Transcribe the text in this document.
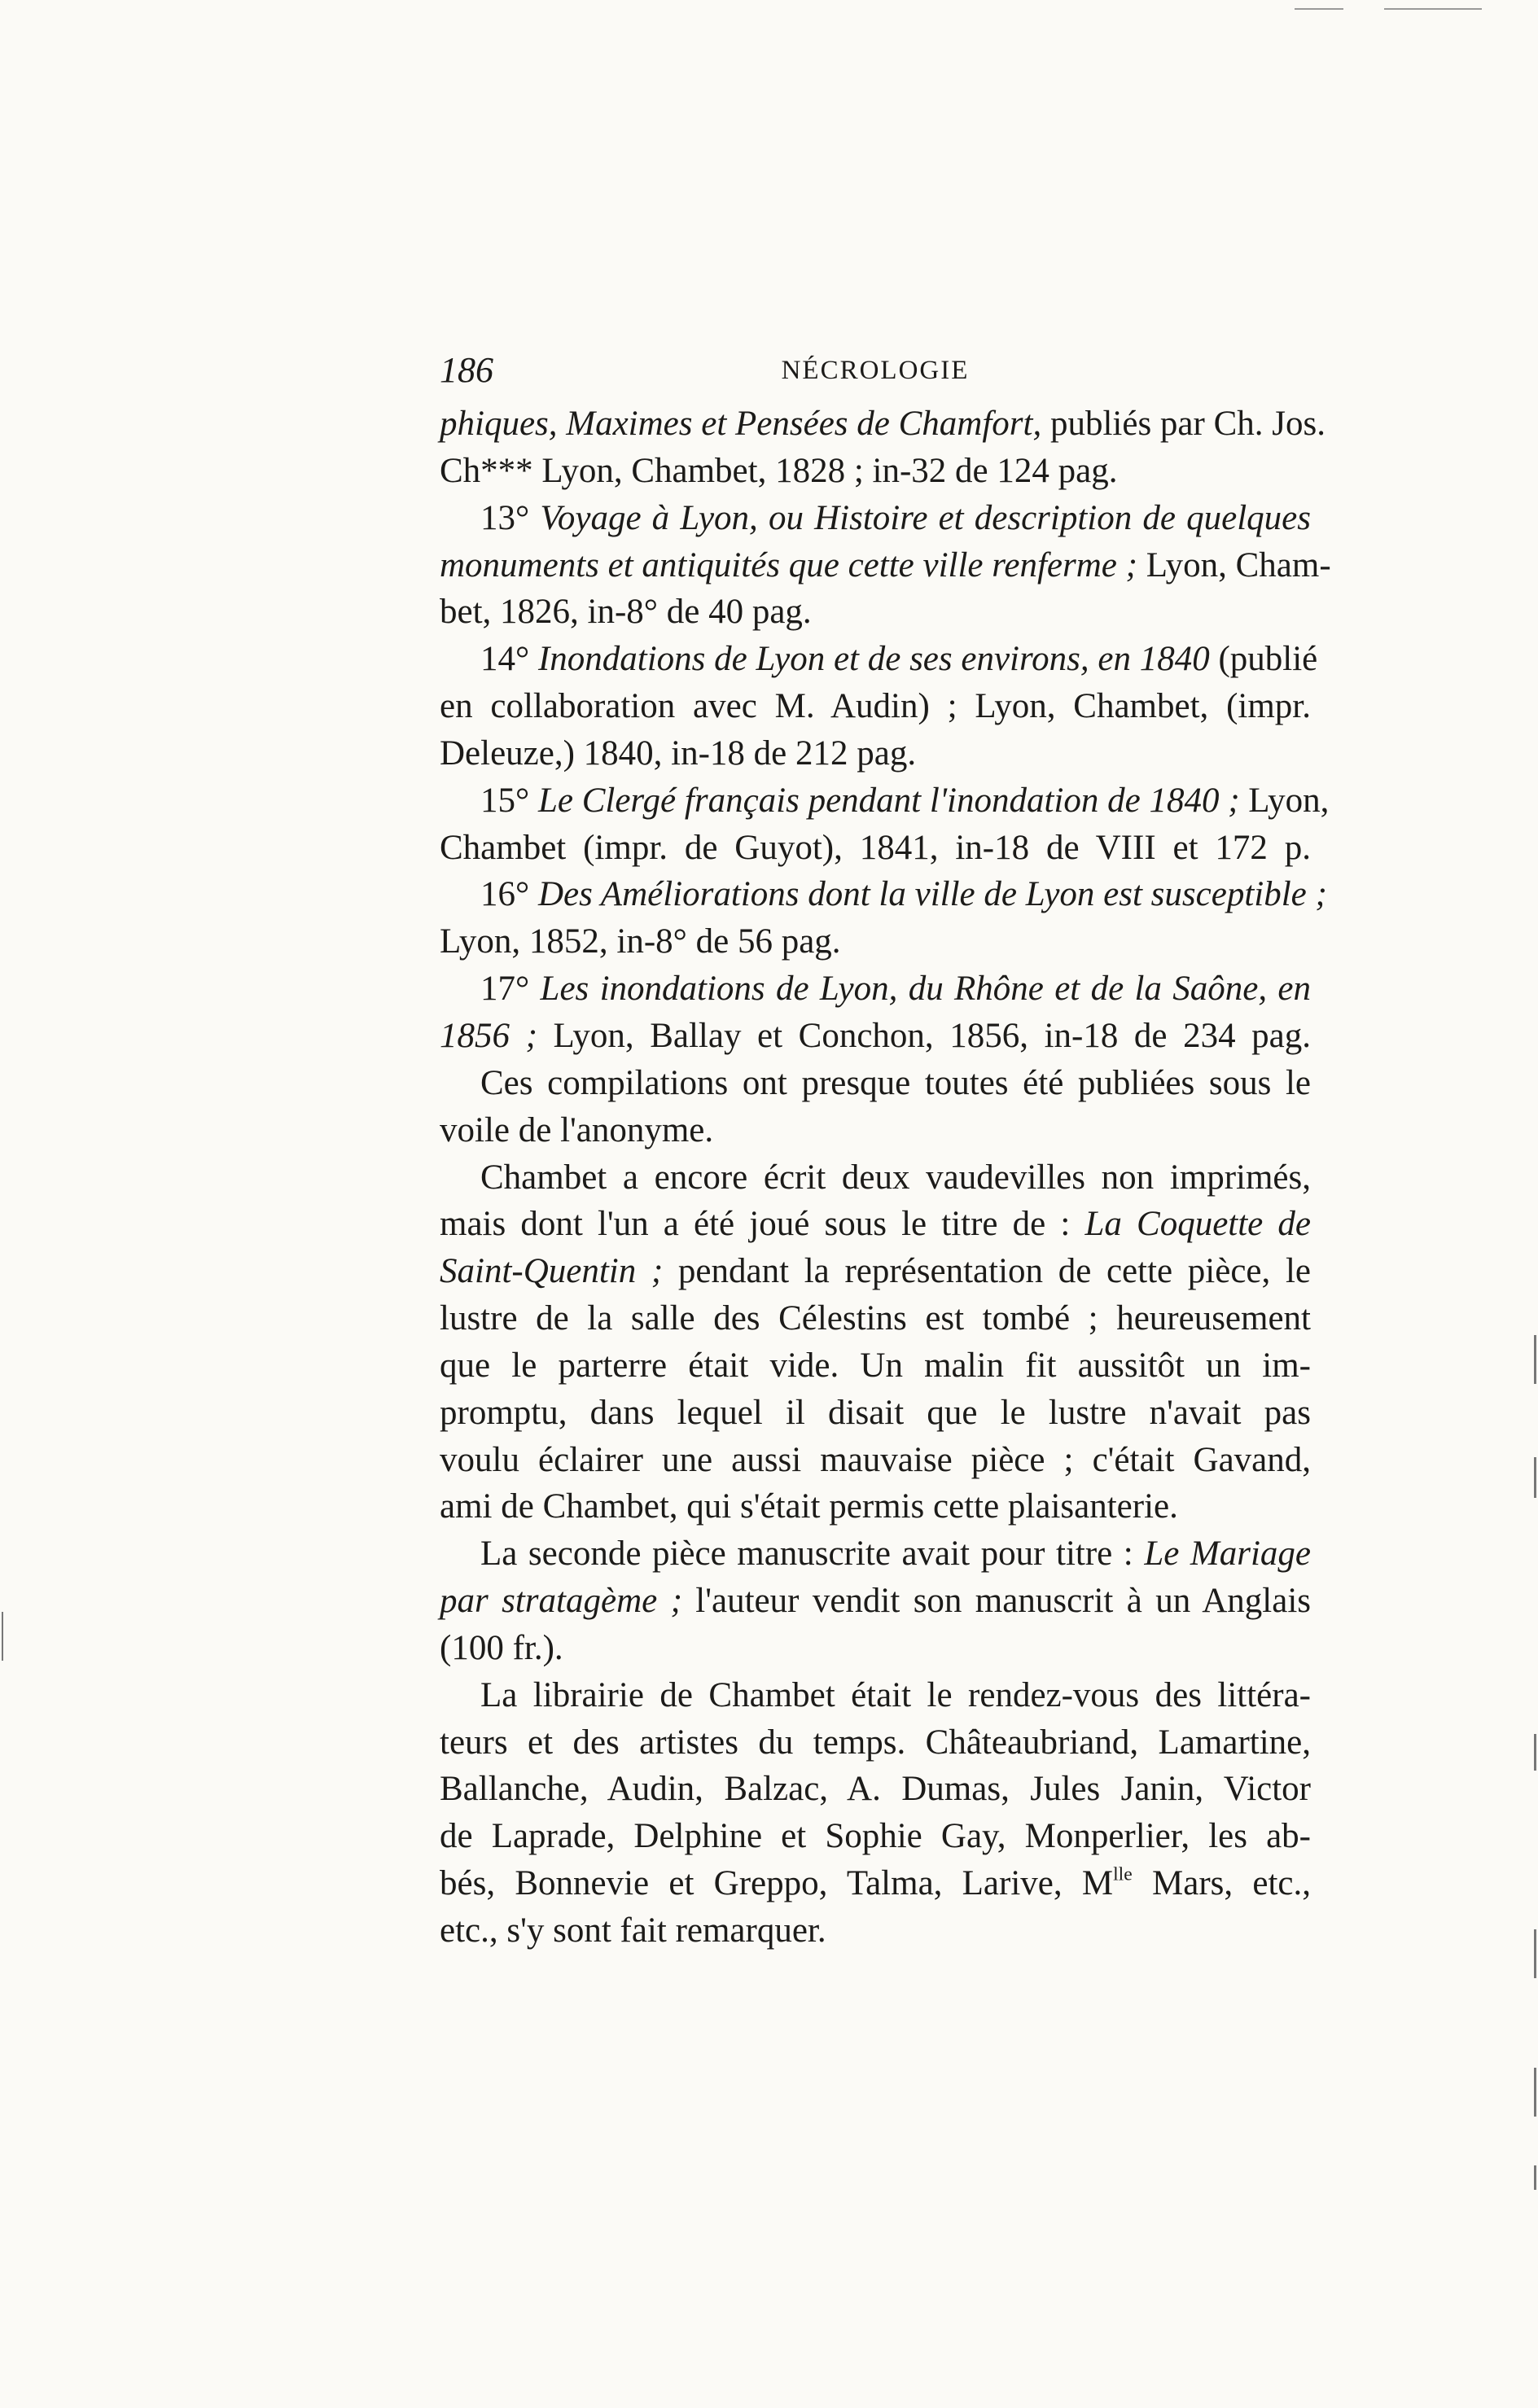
186	NÉCROLOGIE
phiques, Maximes et Pensées de Chamfort, publiés par Ch. Jos.
Ch*** Lyon, Chambet, 1828 ; in-32 de 124 pag.
13° Voyage à Lyon, ou Histoire et description de quelques
monuments et antiquités que cette ville renferme ; Lyon, Cham-
bet, 1826, in-8° de 40 pag.
14° Inondations de Lyon et de ses environs, en 1840 (publié
en collaboration avec M. Audin) ; Lyon, Chambet, (impr.
Deleuze,) 1840, in-18 de 212 pag.
15° Le Clergé français pendant l'inondation de 1840 ; Lyon,
Chambet (impr. de Guyot), 1841, in-18 de VIII et 172 p.
16° Des Améliorations dont la ville de Lyon est susceptible ;
Lyon, 1852, in-8° de 56 pag.
17° Les inondations de Lyon, du Rhône et de la Saône, en
1856 ; Lyon, Ballay et Conchon, 1856, in-18 de 234 pag.
Ces compilations ont presque toutes été publiées sous le
voile de l'anonyme.
Chambet a encore écrit deux vaudevilles non imprimés,
mais dont l'un a été joué sous le titre de : La Coquette de
Saint-Quentin ; pendant la représentation de cette pièce, le
lustre de la salle des Célestins est tombé ; heureusement
que le parterre était vide. Un malin fit aussitôt un im-
promptu, dans lequel il disait que le lustre n'avait pas
voulu éclairer une aussi mauvaise pièce ; c'était Gavand,
ami de Chambet, qui s'était permis cette plaisanterie.
La seconde pièce manuscrite avait pour titre : Le Mariage
par stratagème ; l'auteur vendit son manuscrit à un Anglais
(100 fr.).
La librairie de Chambet était le rendez-vous des littéra-
teurs et des artistes du temps. Châteaubriand, Lamartine,
Ballanche, Audin, Balzac, A. Dumas, Jules Janin, Victor
de Laprade, Delphine et Sophie Gay, Monperlier, les ab-
bés, Bonnevie et Greppo, Talma, Larive, $M^{lle}$ Mars, etc.,
etc., s'y sont fait remarquer.
